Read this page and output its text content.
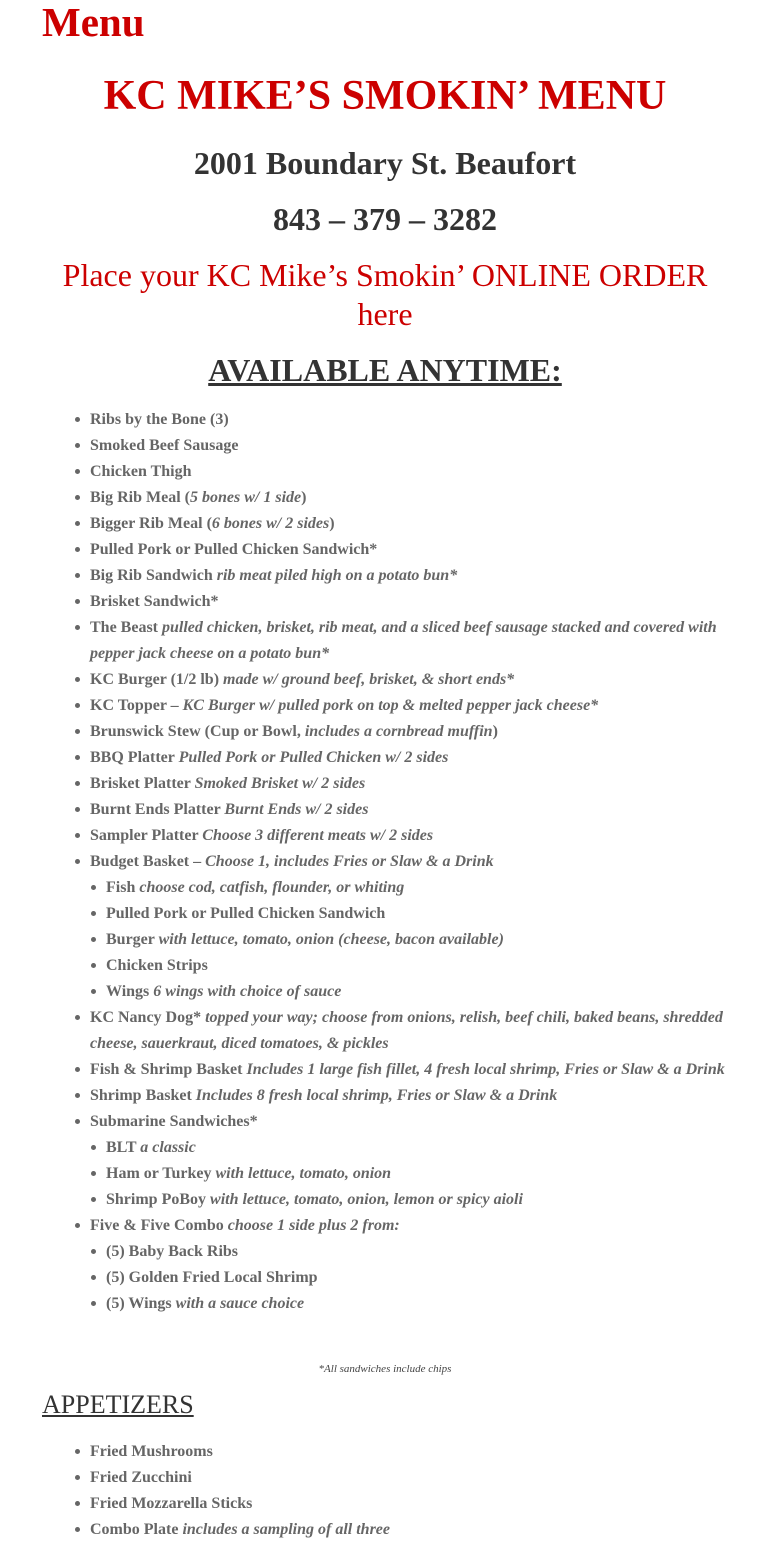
Menu
KC MIKE’S SMOKIN’ MENU
2001 Boundary St. Beaufort
843 – 379 – 3282
Place your KC Mike’s Smokin’ ONLINE ORDER here
AVAILABLE ANYTIME:
Ribs by the Bone (3)
Smoked Beef Sausage
Chicken Thigh
Big Rib Meal (5 bones w/ 1 side)
Bigger Rib Meal (6 bones w/ 2 sides)
Pulled Pork or Pulled Chicken Sandwich*
Big Rib Sandwich rib meat piled high on a potato bun*
Brisket Sandwich*
The Beast pulled chicken, brisket, rib meat, and a sliced beef sausage stacked and covered with pepper jack cheese on a potato bun*
KC Burger (1/2 lb) made w/ ground beef, brisket, & short ends*
KC Topper – KC Burger w/ pulled pork on top & melted pepper jack cheese*
Brunswick Stew (Cup or Bowl, includes a cornbread muffin)
BBQ Platter Pulled Pork or Pulled Chicken w/ 2 sides
Brisket Platter Smoked Brisket w/ 2 sides
Burnt Ends Platter Burnt Ends w/ 2 sides
Sampler Platter Choose 3 different meats w/ 2 sides
Budget Basket – Choose 1, includes Fries or Slaw & a Drink
Fish choose cod, catfish, flounder, or whiting
Pulled Pork or Pulled Chicken Sandwich
Burger with lettuce, tomato, onion (cheese, bacon available)
Chicken Strips
Wings 6 wings with choice of sauce
KC Nancy Dog* topped your way; choose from onions, relish, beef chili, baked beans, shredded cheese, sauerkraut, diced tomatoes, & pickles
Fish & Shrimp Basket Includes 1 large fish fillet, 4 fresh local shrimp, Fries or Slaw & a Drink
Shrimp Basket Includes 8 fresh local shrimp, Fries or Slaw & a Drink
Submarine Sandwiches*
BLT a classic
Ham or Turkey with lettuce, tomato, onion
Shrimp PoBoy with lettuce, tomato, onion, lemon or spicy aioli
Five & Five Combo choose 1 side plus 2 from:
(5) Baby Back Ribs
(5) Golden Fried Local Shrimp
(5) Wings with a sauce choice

*All sandwiches include chips

APPETIZERS
Fried Mushrooms
Fried Zucchini
Fried Mozzarella Sticks
Combo Plate includes a sampling of all three
